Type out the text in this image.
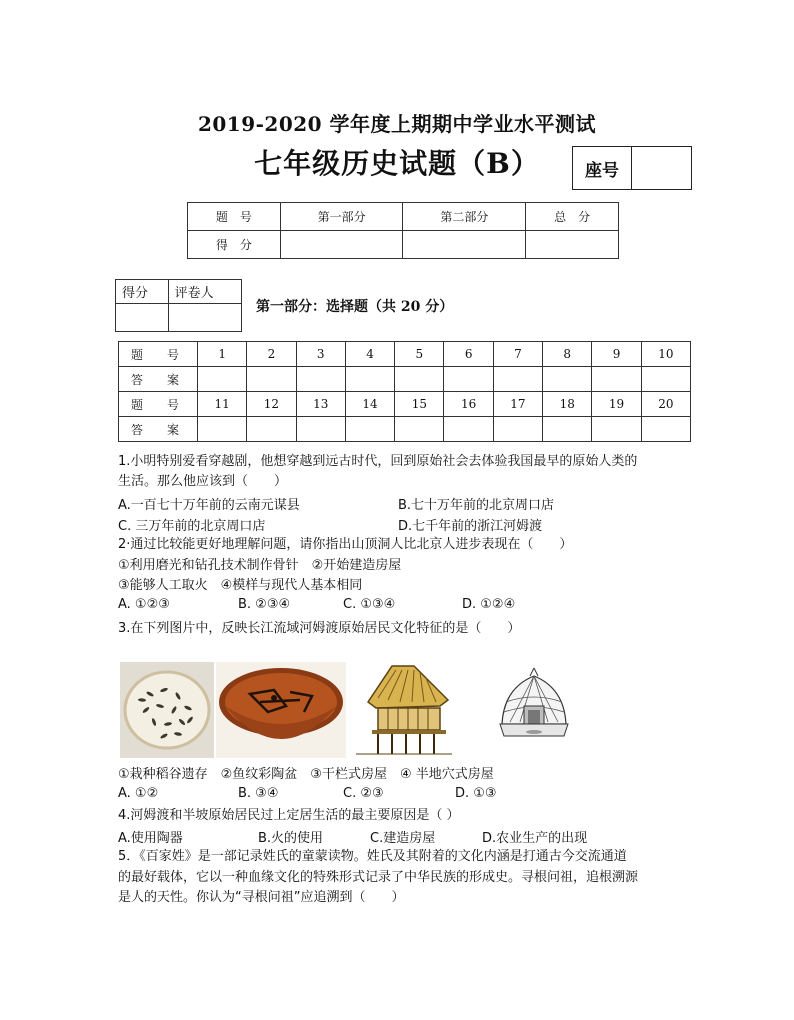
2019-2020 学年度上期期中学业水平测试
七年级历史试题（B）	座号
题　号	第一部分	第二部分	总　分
得　分			
得分	评卷人

第一部分：选择题（共 20 分）
题　号	1	2	3	4	5	6	7	8	9	10
答　案										
题　号	11	12	13	14	15	16	17	18	19	20
答　案										
1.小明特别爱看穿越剧，他想穿越到远古时代，回到原始社会去体验我国最早的原始人类的
生活。那么他应该到（　　）
A.一百七十万年前的云南元谋县	B.七十万年前的北京周口店
C. 三万年前的北京周口店	D.七千年前的浙江河姆渡
2·通过比较能更好地理解问题，请你指出山顶洞人比北京人进步表现在（　　）
①利用磨光和钻孔技术制作骨针　②开始建造房屋
③能够人工取火　④模样与现代人基本相同
A. ①②③	B. ②③④	C. ①③④	D. ①②④
3.在下列图片中，反映长江流域河姆渡原始居民文化特征的是（　　）
①栽种稻谷遗存　②鱼纹彩陶盆　③干栏式房屋　④ 半地穴式房屋
A. ①②	B. ③④	C. ②③	D. ①③
4.河姆渡和半坡原始居民过上定居生活的最主要原因是（ ）
A.使用陶器	B.火的使用	C.建造房屋	D.农业生产的出现
5．《百家姓》是一部记录姓氏的童蒙读物。姓氏及其附着的文化内涵是打通古今交流通道
的最好载体，它以一种血缘文化的特殊形式记录了中华民族的形成史。寻根问祖，追根溯源
是人的天性。你认为“寻根问祖”应追溯到（　　）
